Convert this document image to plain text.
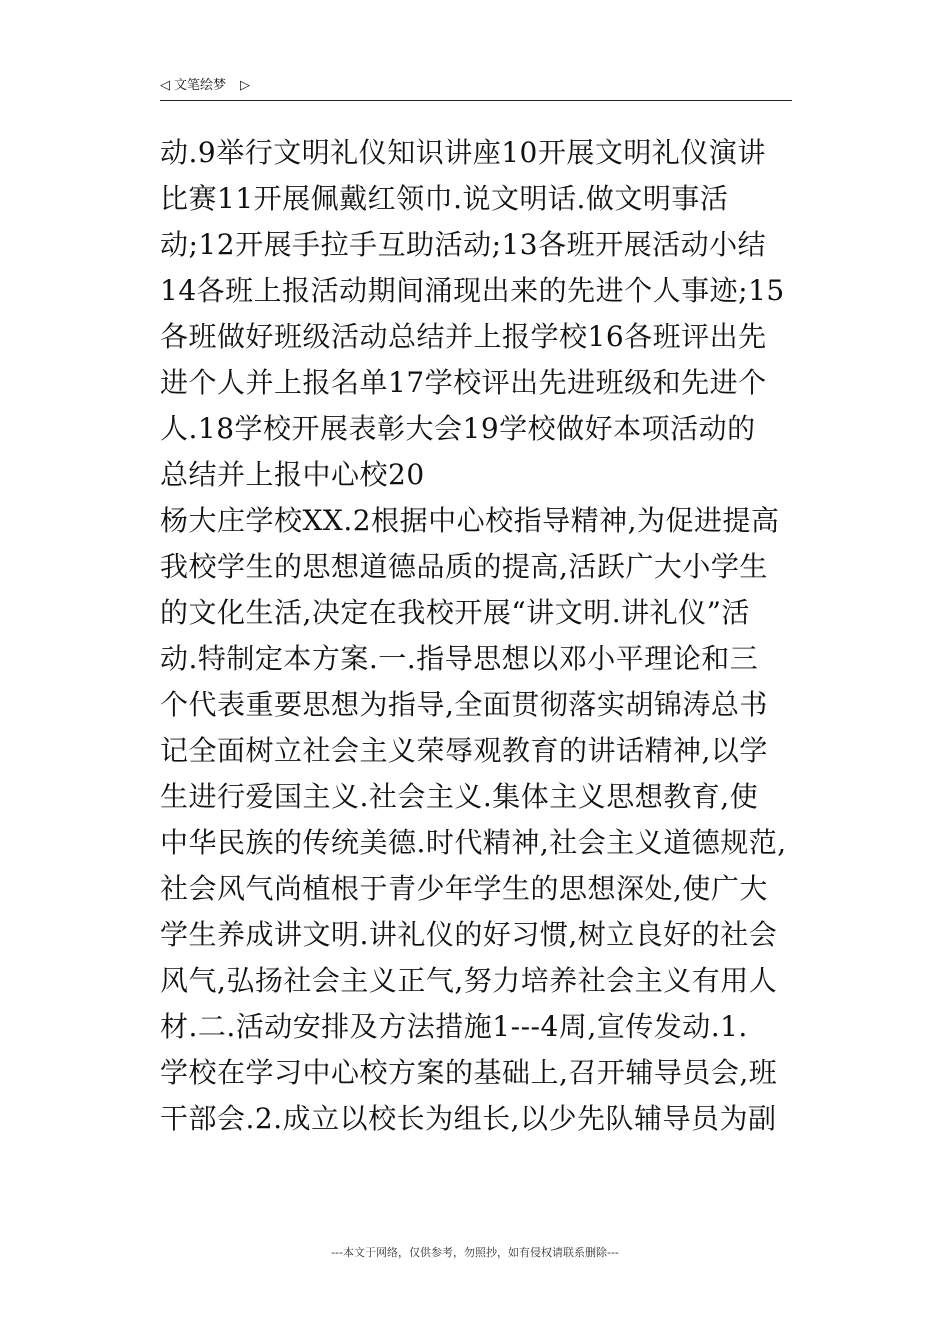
◁ 文笔绘梦 ▷
动.9举行文明礼仪知识讲座10开展文明礼仪演讲
比赛11开展佩戴红领巾.说文明话.做文明事活
动;12开展手拉手互助活动;13各班开展活动小结
14各班上报活动期间涌现出来的先进个人事迹;15
各班做好班级活动总结并上报学校16各班评出先
进个人并上报名单17学校评出先进班级和先进个
人.18学校开展表彰大会19学校做好本项活动的
总结并上报中心校20
杨大庄学校XX.2根据中心校指导精神,为促进提高
我校学生的思想道德品质的提高,活跃广大小学生
的文化生活,决定在我校开展“讲文明.讲礼仪”活
动.特制定本方案.一.指导思想以邓小平理论和三
个代表重要思想为指导,全面贯彻落实胡锦涛总书
记全面树立社会主义荣辱观教育的讲话精神,以学
生进行爱国主义.社会主义.集体主义思想教育,使
中华民族的传统美德.时代精神,社会主义道德规范,
社会风气尚植根于青少年学生的思想深处,使广大
学生养成讲文明.讲礼仪的好习惯,树立良好的社会
风气,弘扬社会主义正气,努力培养社会主义有用人
材.二.活动安排及方法措施1---4周,宣传发动.1.
学校在学习中心校方案的基础上,召开辅导员会,班
干部会.2.成立以校长为组长,以少先队辅导员为副
---本文于网络，仅供参考，勿照抄，如有侵权请联系删除---
